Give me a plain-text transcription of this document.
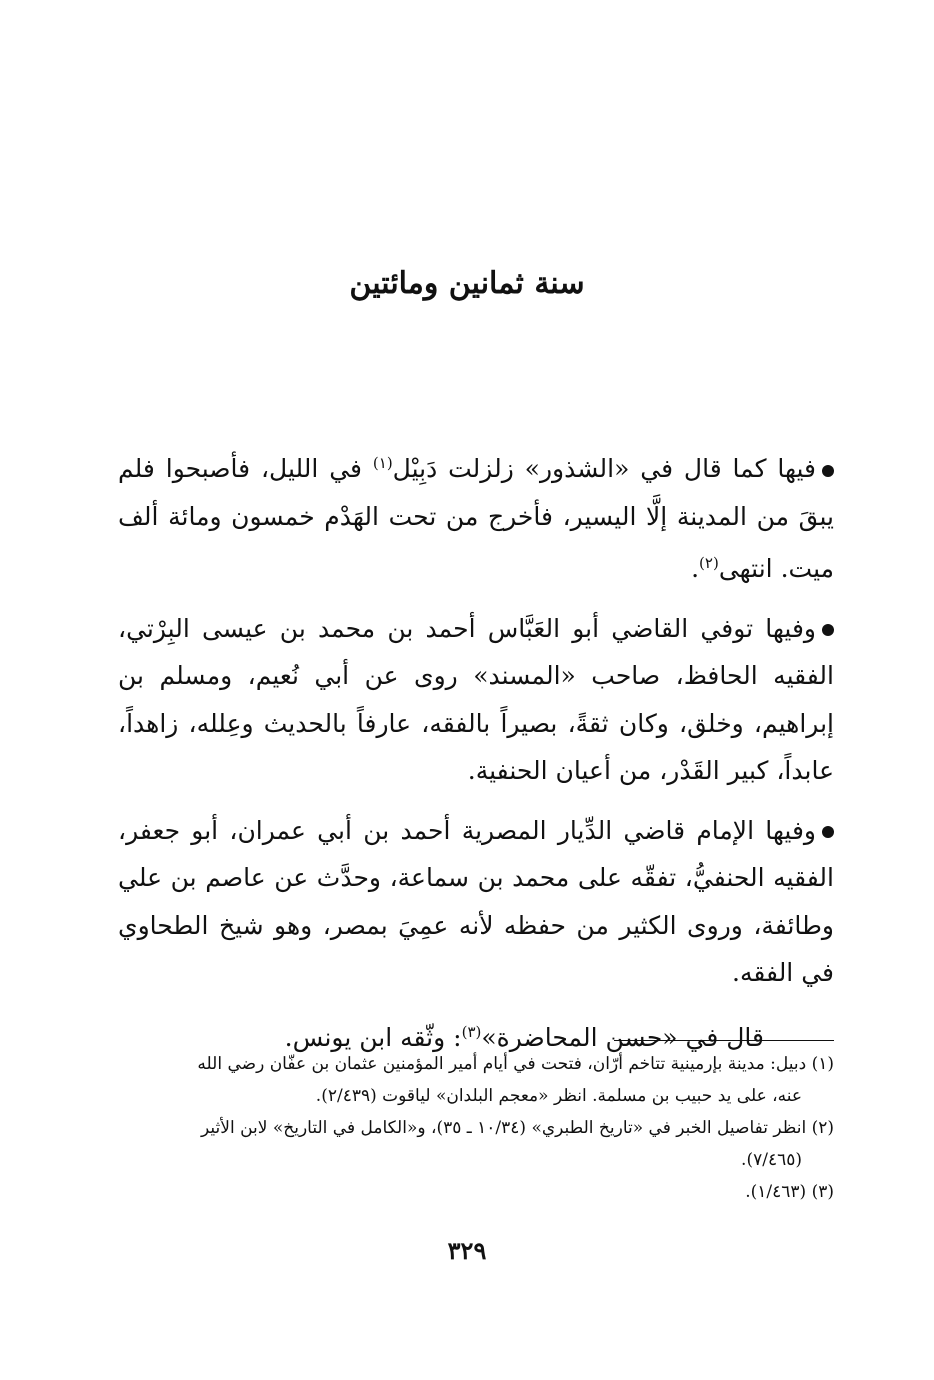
سنة ثمانين ومائتين

فيها كما قال في «الشذور» زلزلت دَبِيْل$^{(١)}$ في الليل، فأصبحوا فلم يبقَ من المدينة إلَّا اليسير، فأخرج من تحت الهَدْم خمسون ومائة ألف ميت. انتهى$^{(٢)}$.

وفيها توفي القاضي أبو العَبَّاس أحمد بن محمد بن عيسى البِرْتي، الفقيه الحافظ، صاحب «المسند» روى عن أبي نُعيم، ومسلم بن إبراهيم، وخلق، وكان ثقةً، بصيراً بالفقه، عارفاً بالحديث وعِلله، زاهداً، عابداً، كبير القَدْر، من أعيان الحنفية.

وفيها الإمام قاضي الدِّيار المصرية أحمد بن أبي عمران، أبو جعفر، الفقيه الحنفيُّ، تفقّه على محمد بن سماعة، وحدَّث عن عاصم بن علي وطائفة، وروى الكثير من حفظه لأنه عمِيَ بمصر، وهو شيخ الطحاوي في الفقه.

قال في «حسن المحاضرة»$^{(٣)}$: وثّقه ابن يونس.

(١) دبيل: مدينة بإرمينية تتاخم أرّان، فتحت في أيام أمير المؤمنين عثمان بن عفّان رضي الله

عنه، على يد حبيب بن مسلمة. انظر «معجم البلدان» لياقوت (٢/٤٣٩).

(٢) انظر تفاصيل الخبر في «تاريخ الطبري» (١٠/٣٤ ـ ٣٥)، و«الكامل في التاريخ» لابن الأثير

(٧/٤٦٥).

(٣) (١/٤٦٣).

٣٢٩
